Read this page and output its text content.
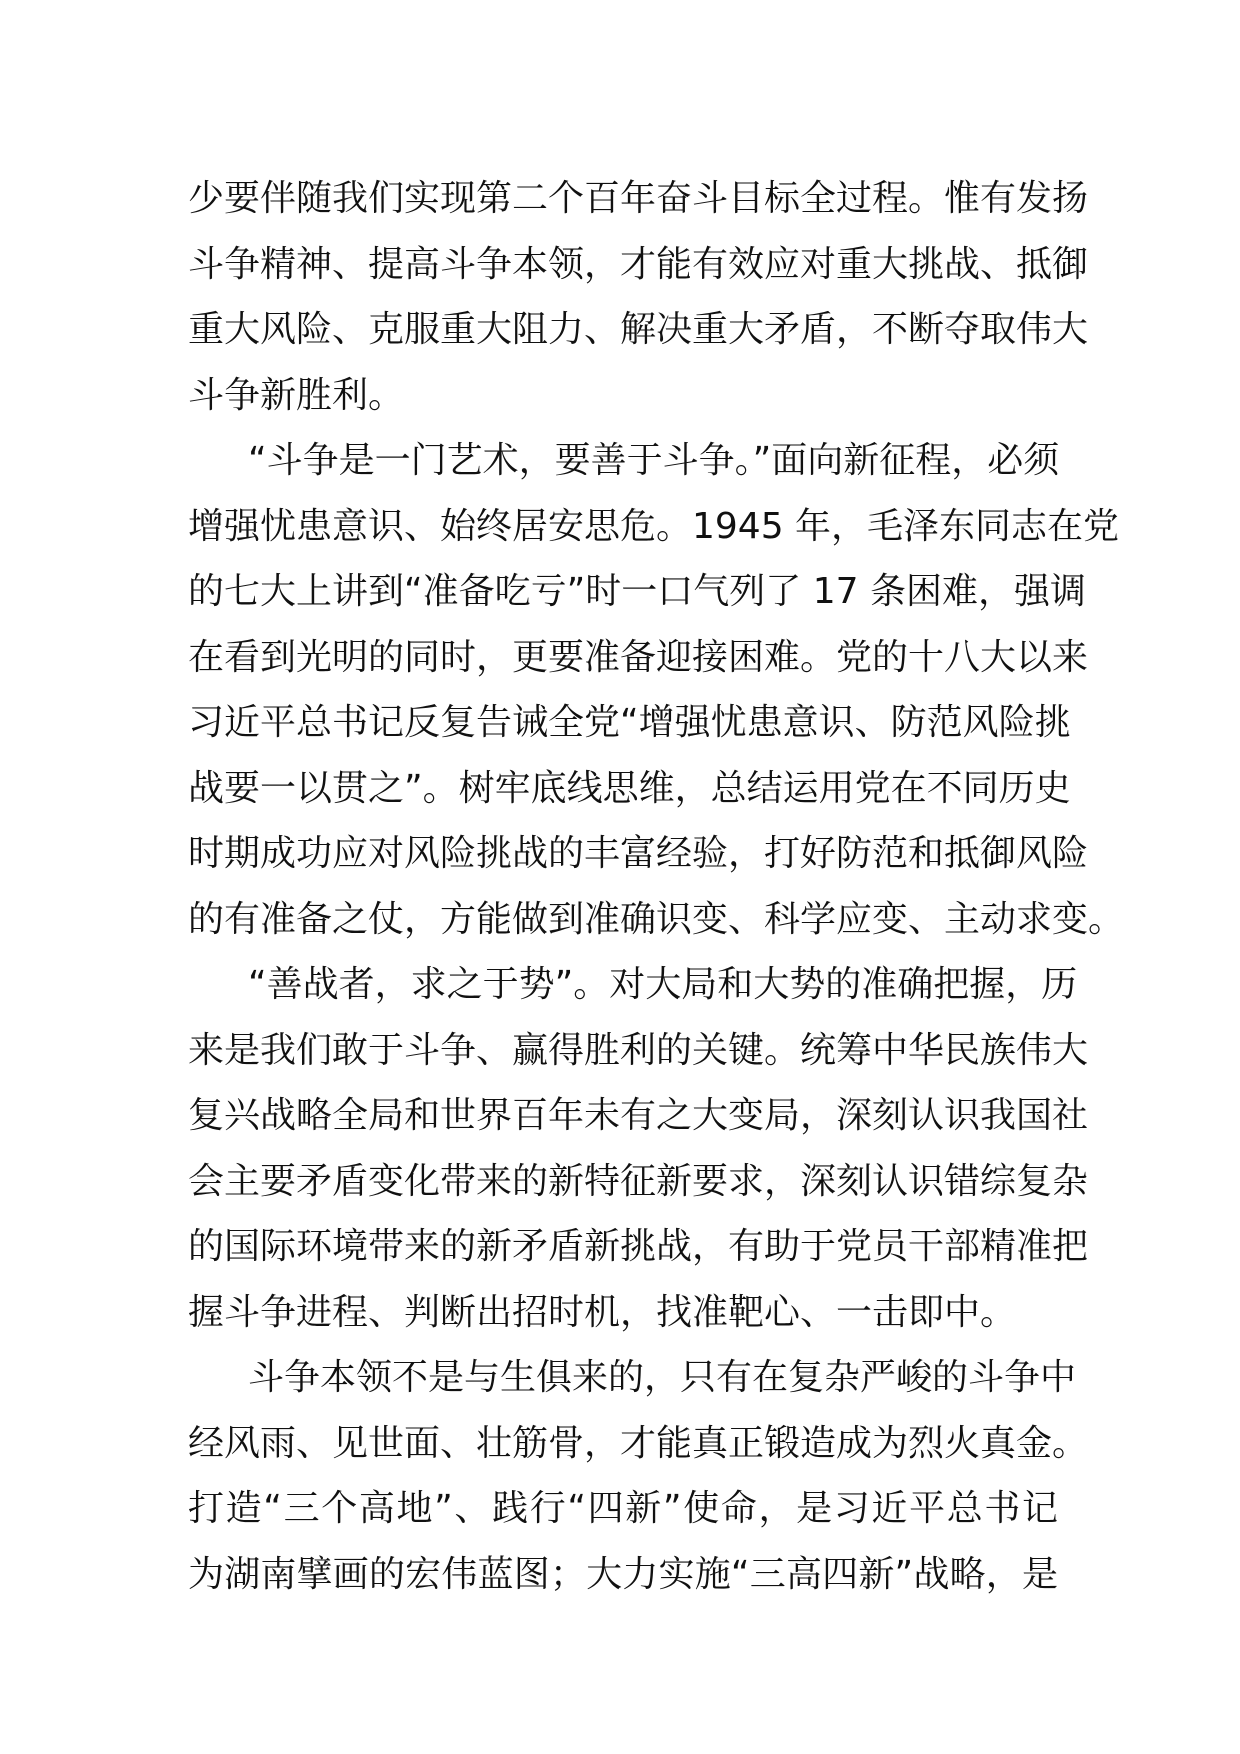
少要伴随我们实现第二个百年奋斗目标全过程。惟有发扬
斗争精神、提高斗争本领，才能有效应对重大挑战、抵御
重大风险、克服重大阻力、解决重大矛盾，不断夺取伟大
斗争新胜利。
“斗争是一门艺术，要善于斗争。”面向新征程，必须
增强忧患意识、始终居安思危。1945 年，毛泽东同志在党
的七大上讲到“准备吃亏”时一口气列了 17 条困难，强调
在看到光明的同时，更要准备迎接困难。党的十八大以来
习近平总书记反复告诫全党“增强忧患意识、防范风险挑
战要一以贯之”。树牢底线思维，总结运用党在不同历史
时期成功应对风险挑战的丰富经验，打好防范和抵御风险
的有准备之仗，方能做到准确识变、科学应变、主动求变。
“善战者，求之于势”。对大局和大势的准确把握，历
来是我们敢于斗争、赢得胜利的关键。统筹中华民族伟大
复兴战略全局和世界百年未有之大变局，深刻认识我国社
会主要矛盾变化带来的新特征新要求，深刻认识错综复杂
的国际环境带来的新矛盾新挑战，有助于党员干部精准把
握斗争进程、判断出招时机，找准靶心、一击即中。
斗争本领不是与生俱来的，只有在复杂严峻的斗争中
经风雨、见世面、壮筋骨，才能真正锻造成为烈火真金。
打造“三个高地”、践行“四新”使命，是习近平总书记
为湖南擘画的宏伟蓝图；大力实施“三高四新”战略，是
